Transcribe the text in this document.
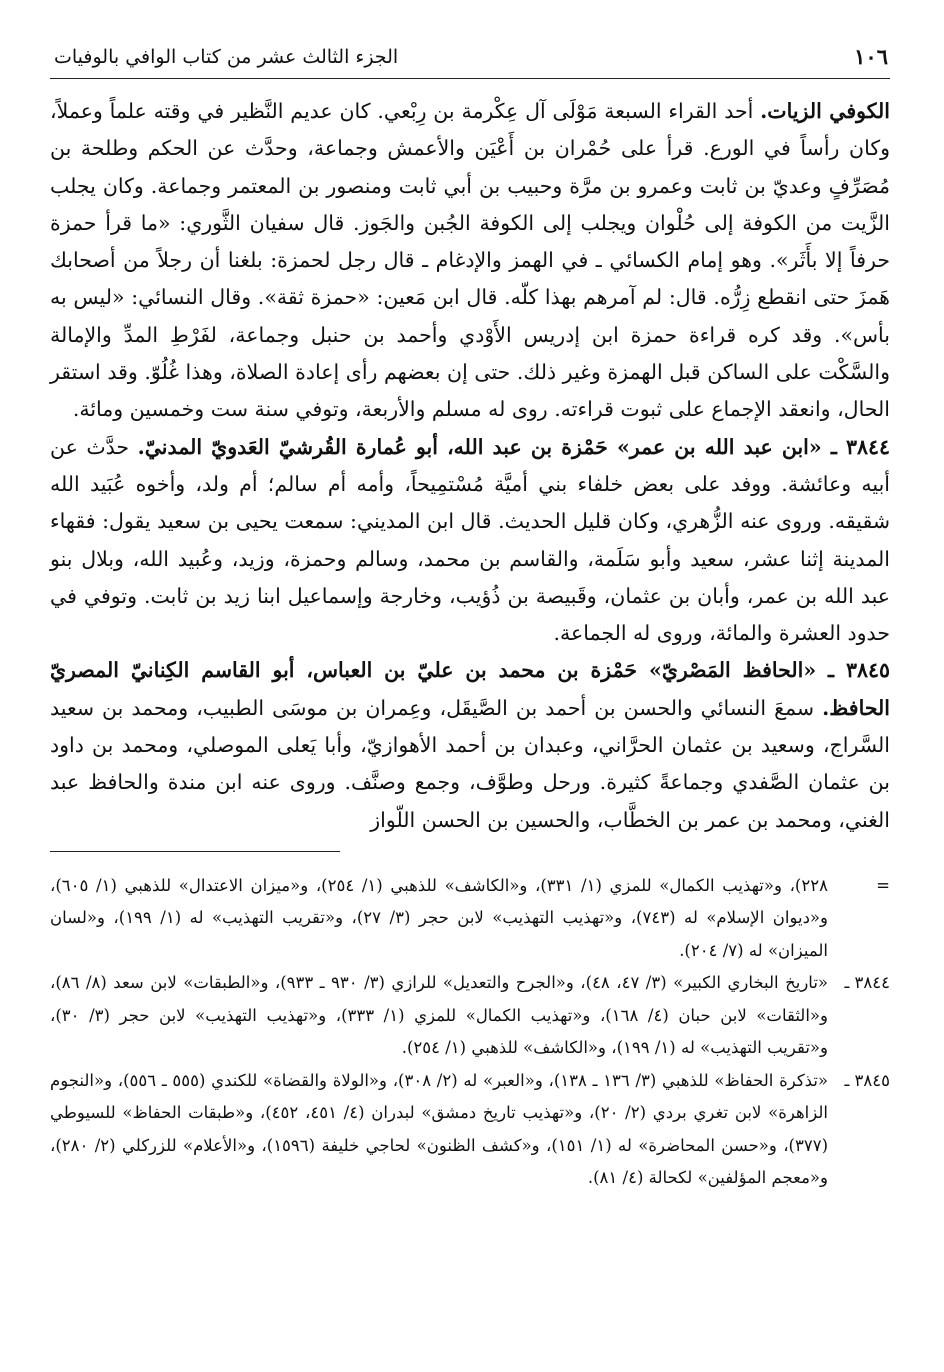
١٠٦
الجزء الثالث عشر من كتاب الوافي بالوفيات

الكوفي الزيات. أحد القراء السبعة مَوْلَى آل عِكْرمة بن رِبْعي. كان عديم النَّظير في وقته علماً وعملاً، وكان رأساً في الورع. قرأ على حُمْران بن أَعْيَن والأعمش وجماعة، وحدَّث عن الحكم وطلحة بن مُصَرِّفٍ وعديّ بن ثابت وعمرو بن مرَّة وحبيب بن أبي ثابت ومنصور بن المعتمر وجماعة. وكان يجلب الزَّيت من الكوفة إلى حُلْوان ويجلب إلى الكوفة الجُبن والجَوز. قال سفيان الثَّوري: «ما قرأ حمزة حرفاً إلا بأَثَر». وهو إمام الكسائي ـ في الهمز والإدغام ـ قال رجل لحمزة: بلغنا أن رجلاً من أصحابك هَمزَ حتى انقطع زِرُّه. قال: لم آمرهم بهذا كلّه. قال ابن مَعين: «حمزة ثقة». وقال النسائي: «ليس به بأس». وقد كره قراءة حمزة ابن إدريس الأَوْدي وأحمد بن حنبل وجماعة، لفَرْطِ المدِّ والإمالة والسَّكْت على الساكن قبل الهمزة وغير ذلك. حتى إن بعضهم رأى إعادة الصلاة، وهذا غُلُوّ. وقد استقر الحال، وانعقد الإجماع على ثبوت قراءته. روى له مسلم والأربعة، وتوفي سنة ست وخمسين ومائة.

٣٨٤٤ ـ «ابن عبد الله بن عمر» حَمْزة بن عبد الله، أبو عُمارة القُرشيّ العَدويّ المدنيّ. حدَّث عن أبيه وعائشة. ووفد على بعض خلفاء بني أميَّة مُسْتمِيحاً، وأمه أم سالم؛ أم ولد، وأخوه عُبَيد الله شقيقه. وروى عنه الزُّهري، وكان قليل الحديث. قال ابن المديني: سمعت يحيى بن سعيد يقول: فقهاء المدينة إثنا عشر، سعيد وأبو سَلَمة، والقاسم بن محمد، وسالم وحمزة، وزيد، وعُبيد الله، وبلال بنو عبد الله بن عمر، وأبان بن عثمان، وقَبيصة بن ذُؤيب، وخارجة وإسماعيل ابنا زيد بن ثابت. وتوفي في حدود العشرة والمائة، وروى له الجماعة.

٣٨٤٥ ـ «الحافظ المَصْريّ» حَمْزة بن محمد بن عليّ بن العباس، أبو القاسم الكِنانيّ المصريّ الحافظ. سمعَ النسائي والحسن بن أحمد بن الصَّيقَل، وعِمران بن موسَى الطبيب، ومحمد بن سعيد السَّراج، وسعيد بن عثمان الحرَّاني، وعبدان بن أحمد الأهوازيّ، وأبا يَعلى الموصلي، ومحمد بن داود بن عثمان الصَّفدي وجماعةً كثيرة. ورحل وطوَّف، وجمع وصنَّف. وروى عنه ابن مندة والحافظ عبد الغني، ومحمد بن عمر بن الخطَّاب، والحسين بن الحسن اللّواز

=
٢٢٨)، و«تهذيب الكمال» للمزي (١/ ٣٣١)، و«الكاشف» للذهبي (١/ ٢٥٤)، و«ميزان الاعتدال» للذهبي (١/ ٦٠٥)، و«ديوان الإسلام» له (٧٤٣)، و«تهذيب التهذيب» لابن حجر (٣/ ٢٧)، و«تقريب التهذيب» له (١/ ١٩٩)، و«لسان الميزان» له (٧/ ٢٠٤).
٣٨٤٤ ـ
«تاريخ البخاري الكبير» (٣/ ٤٧، ٤٨)، و«الجرح والتعديل» للرازي (٣/ ٩٣٠ ـ ٩٣٣)، و«الطبقات» لابن سعد (٨/ ٨٦)، و«الثقات» لابن حبان (٤/ ١٦٨)، و«تهذيب الكمال» للمزي (١/ ٣٣٣)، و«تهذيب التهذيب» لابن حجر (٣/ ٣٠)، و«تقريب التهذيب» له (١/ ١٩٩)، و«الكاشف» للذهبي (١/ ٢٥٤).
٣٨٤٥ ـ
«تذكرة الحفاظ» للذهبي (٣/ ١٣٦ ـ ١٣٨)، و«العبر» له (٢/ ٣٠٨)، و«الولاة والقضاة» للكندي (٥٥٥ ـ ٥٥٦)، و«النجوم الزاهرة» لابن تغري بردي (٢/ ٢٠)، و«تهذيب تاريخ دمشق» لبدران (٤/ ٤٥١، ٤٥٢)، و«طبقات الحفاظ» للسيوطي (٣٧٧)، و«حسن المحاضرة» له (١/ ١٥١)، و«كشف الظنون» لحاجي خليفة (١٥٩٦)، و«الأعلام» للزركلي (٢/ ٢٨٠)، و«معجم المؤلفين» لكحالة (٤/ ٨١).
